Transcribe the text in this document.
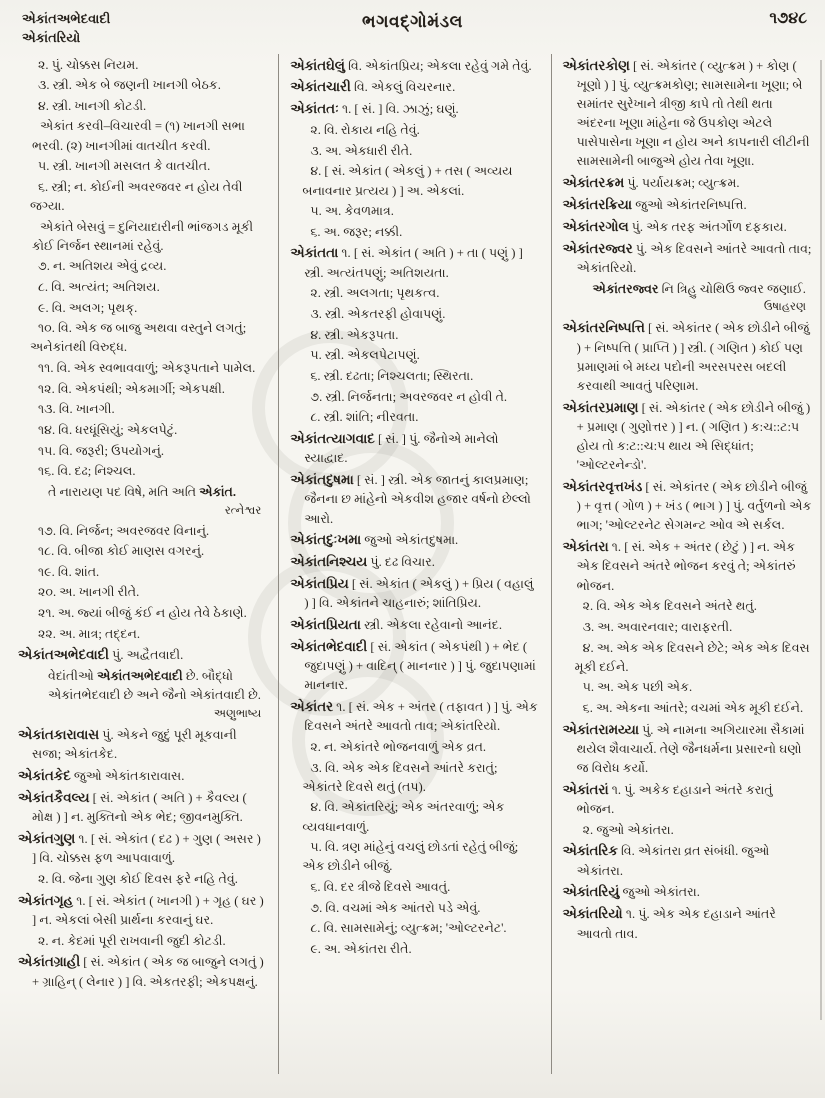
એકાંતઅભેદવાદી
એકાંતરિયો
ભગવદ્ગોમંડલ	૧૭૪૮

૨. પું. ચોક્કસ નિયમ.

૩. સ્ત્રી. એક બે જણની ખાનગી બેઠક.

૪. સ્ત્રી. ખાનગી કોટડી.

એકાંત કરવી–વિચારવી = (૧) ખાનગી સભા ભરવી. (૨) ખાનગીમાં વાતચીત કરવી.

૫. સ્ત્રી. ખાનગી મસલત કે વાતચીત.

૬. સ્ત્રી; ન. કોઈની અવરજવર ન હોય તેવી જગ્યા.

એકાંતે બેસવું = દુનિયાદારીની ભાંજગડ મૂકી કોઈ નિર્જન સ્થાનમાં રહેવું.

૭. ન. અતિશય એવું દ્રવ્ય.

૮. વિ. અત્યંત; અતિશય.

૯. વિ. અલગ; પૃથક્.

૧૦. વિ. એક જ બાજુ અથવા વસ્તુને લગતું; અનેકાંતથી વિરુદ્ધ.

૧૧. વિ. એક સ્વભાવવાળું; એકરૂપતાને પામેલ.

૧૨. વિ. એકપંથી; એકમાર્ગી; એકપક્ષી.

૧૩. વિ. ખાનગી.

૧૪. વિ. ધરધૂંસિયું; એકલપેટું.

૧૫. વિ. જરૂરી; ઉપયોગનું.

૧૬. વિ. દઢ; નિશ્ચલ.

તે નારાયણ પદ વિષે, મતિ અતિ એકાંત.

રત્નેશ્વર

૧૭. વિ. નિર્જન; અવરજવર વિનાનું.

૧૮. વિ. બીજા કોઈ માણસ વગરનું.

૧૯. વિ. શાંત.

૨૦. અ. ખાનગી રીતે.

૨૧. અ. જ્યાં બીજું કંઈ ન હોય તેવે ઠેકાણે.

૨૨. અ. માત્ર; તદ્દન.

એકાંતઅભેદવાદી પું. અદ્વૈતવાદી.

વેદાંતીઓ એકાંતઅભેદવાદી છે. બૌદ્ધો એકાંતભેદવાદી છે અને જૈનો એકાંતવાદી છે.

અણુભાષ્ય

એકાંતકારાવાસ પું. એકને જુદું પૂરી મૂકવાની સજા; એકાંતકેદ.

એકાંતકેદ જુઓ એકાંતકારાવાસ.

એકાંતકૈવલ્ય [ સં. એકાંત ( અતિ ) + કૈવલ્ય ( મોક્ષ ) ] ન. મુક્તિનો એક ભેદ; જીવનમુક્તિ.

એકાંતગુણ ૧. [ સં. એકાંત ( દઢ ) + ગુણ ( અસર ) ] વિ. ચોક્કસ ફળ આપવાવાળું.

૨. વિ. જેના ગુણ કોઈ દિવસ ફરે નહિ તેવું.

એકાંતગૃહ ૧. [ સં. એકાંત ( ખાનગી ) + ગૃહ ( ઘર ) ] ન. એકલાં બેસી પ્રાર્થના કરવાનું ઘર.

૨. ન. કેદમાં પૂરી રાખવાની જુદી કોટડી.

એકાંતગ્રાહી [ સં. એકાંત ( એક જ બાજુને લગતું ) + ગ્રાહિન્ ( લેનાર ) ] વિ. એકતરફી; એકપક્ષનું.

એકાંતઘેલું વિ. એકાંતપ્રિય; એકલા રહેવું ગમે તેવું.

એકાંતચારી વિ. એકલું વિચરનાર.

એકાંતતઃ ૧. [ સં. ] વિ. ઝાઝું; ઘણું.

૨. વિ. રોકાય નહિ તેવું.

૩. અ. એકધારી રીતે.

૪. [ સં. એકાંત ( એકલું ) + તસ ( અવ્યય બનાવનાર પ્રત્યય ) ] અ. એકલાં.

૫. અ. કેવળમાત્ર.

૬. અ. જરૂર; નક્કી.

એકાંતતા ૧. [ સં. એકાંત ( અતિ ) + તા ( પણું ) ] સ્ત્રી. અત્યંતપણું; અતિશયતા.

૨. સ્ત્રી. અલગતા; પૃથકત્વ.

૩. સ્ત્રી. એકતરફી હોવાપણું.

૪. સ્ત્રી. એકરૂપતા.

૫. સ્ત્રી. એકલપેટાપણું.

૬. સ્ત્રી. દઢતા; નિશ્ચલતા; સ્થિરતા.

૭. સ્ત્રી. નિર્જનતા; અવરજવર ન હોવી તે.

૮. સ્ત્રી. શાંતિ; નીરવતા.

એકાંતત્યાગવાદ [ સં. ] પું. જૈનોએ માનેલો સ્યાદ્વાદ.

એકાંતદુષમા [ સં. ] સ્ત્રી. એક જાતનું કાલપ્રમાણ; જૈનના છ માંહેનો એકવીશ હજાર વર્ષનો છેલ્લો આરો.

એકાંતદુઃખમા જુઓ એકાંતદુષમા.

એકાંતનિશ્ચય પું. દઢ વિચાર.

એકાંતપ્રિય [ સં. એકાંત ( એકલું ) + પ્રિય ( વહાલું ) ] વિ. એકાંતને ચાહનારું; શાંતિપ્રિય.

એકાંતપ્રિયતા સ્ત્રી. એકલા રહેવાનો આનંદ.

એકાંતભેદવાદી [ સં. એકાંત ( એકપંથી ) + ભેદ ( જુદાપણું ) + વાદિન્ ( માનનાર ) ] પું. જુદાપણામાં માનનાર.

એકાંતર ૧. [ સં. એક + અંતર ( તફાવત ) ] પું. એક દિવસને અંતરે આવતો તાવ; એકાંતરિયો.

૨. ન. એકાંતરે ભોજનવાળું એક વ્રત.

૩. વિ. એક એક દિવસને આંતરે કરાતું; એકાંતરે દિવસે થતું (તપ).

૪. વિ. એકાંતરિયું; એક અંતરવાળું; એક વ્યવધાનવાળું.

૫. વિ. ત્રણ માંહેનું વચલું છોડતાં રહેતું બીજું; એક છોડીને બીજું.

૬. વિ. દર ત્રીજે દિવસે આવતું.

૭. વિ. વચમાં એક આંતરો પડે એવું.

૮. વિ. સામસામેનું; વ્યુત્ક્રમ; 'ઓલ્ટરનેટ'.

૯. અ. એકાંતરા રીતે.

એકાંતરકોણ [ સં. એકાંતર ( વ્યુત્ક્રમ ) + કોણ ( ખૂણો ) ] પું. વ્યુત્ક્રમકોણ; સામસામેના ખૂણા; બે સમાંતર સુરેખાને ત્રીજી કાપે તો તેથી થતા અંદરના ખૂણા માંહેના જે ઉપકોણ એટલે પાસેપાસેના ખૂણા ન હોય અને કાપનારી લીટીની સામસામેની બાજુએ હોય તેવા ખૂણા.

એકાંતરક્રમ પું. પર્યાયક્રમ; વ્યુત્ક્રમ.

એકાંતરક્રિયા જુઓ એકાંતરનિષ્પત્તિ.

એકાંતરગોલ પું. એક તરફ અંતર્ગોળ દફકાય.

એકાંતરજ્વર પું. એક દિવસને આંતરે આવતો તાવ; એકાંતરિયો.

એકાંતરજ્વર નિ ત્રિહુ ચોથિઉ જ્વર જણાઈ.

ઉષાહરણ

એકાંતરનિષ્પત્તિ [ સં. એકાંતર ( એક છોડીને બીજું ) + નિષ્પત્તિ ( પ્રાપ્તિ ) ] સ્ત્રી. ( ગણિત ) કોઈ પણ પ્રમાણમાં બે મધ્ય પદોની અરસપરસ બદલી કરવાથી આવતું પરિણામ.

એકાંતરપ્રમાણ [ સં. એકાંતર ( એક છોડીને બીજું ) + પ્રમાણ ( ગુણોત્તર ) ] ન. ( ગણિત ) ક:ચ::ટ:પ હોય તો ક:ટ::ચ:પ થાય એ સિદ્ધાંત; 'ઓલ્ટરનેન્ડો'.

એકાંતરવૃત્તખંડ [ સં. એકાંતર ( એક છોડીને બીજું ) + વૃત્ત ( ગોળ ) + ખંડ ( ભાગ ) ] પું. વર્તુળનો એક ભાગ; 'ઓલ્ટરનેટ સેગમન્ટ ઓવ એ સર્કલ.

એકાંતરા ૧. [ સં. એક + અંતર ( છેટું ) ] ન. એક એક દિવસને અંતરે ભોજન કરવું તે; એકાંતરું ભોજન.

૨. વિ. એક એક દિવસને અંતરે થતું.

૩. અ. અવારનવાર; વારાફરતી.

૪. અ. એક એક દિવસને છેટે; એક એક દિવસ મૂકી દઈને.

૫. અ. એક પછી એક.

૬. અ. એકના આંતરે; વચમાં એક મૂકી દઈને.

એકાંતરામય્યા પું. એ નામના અગિયારમા સૈકામાં થયેલ શૈવાચાર્ય. તેણે જૈનધર્મના પ્રસારનો ઘણો જ વિરોધ કર્યો.

એકાંતરાં ૧. પું. અકેક દહાડાને અંતરે કરાતું ભોજન.

૨. જુઓ એકાંતરા.

એકાંતરિક વિ. એકાંતરા વ્રત સંબંધી. જુઓ એકાંતરા.

એકાંતરિયું જુઓ એકાંતરા.

એકાંતરિયો ૧. પું. એક એક દહાડાને આંતરે આવતો તાવ.
